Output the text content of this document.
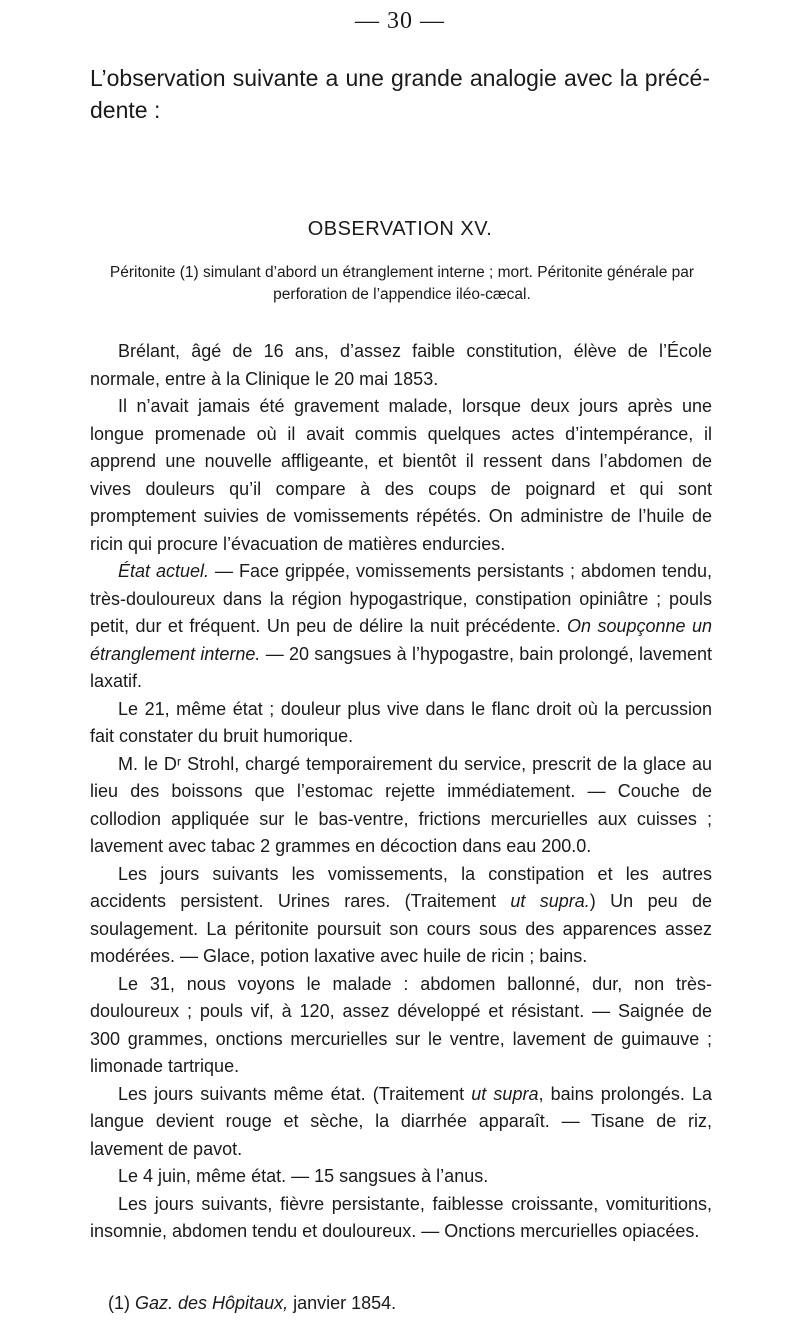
— 30 —
L’observation suivante a une grande analogie avec la précé-dente :
OBSERVATION XV.
Péritonite (1) simulant d’abord un étranglement interne ; mort. Péritonite générale par perforation de l’appendice iléo-cæcal.

Brélant, âgé de 16 ans, d’assez faible constitution, élève de l’École normale, entre à la Clinique le 20 mai 1853.

Il n’avait jamais été gravement malade, lorsque deux jours après une longue promenade où il avait commis quelques actes d’intempérance, il apprend une nouvelle affligeante, et bientôt il ressent dans l’abdomen de vives douleurs qu’il compare à des coups de poignard et qui sont promptement suivies de vomissements répétés. On administre de l’huile de ricin qui procure l’évacuation de matières endurcies.

État actuel. — Face grippée, vomissements persistants ; abdomen tendu, très-douloureux dans la région hypogastrique, constipation opiniâtre ; pouls petit, dur et fréquent. Un peu de délire la nuit précédente. On soupçonne un étranglement interne. — 20 sangsues à l’hypogastre, bain prolongé, lavement laxatif.

Le 21, même état ; douleur plus vive dans le flanc droit où la percussion fait constater du bruit humorique.

M. le Dʳ Strohl, chargé temporairement du service, prescrit de la glace au lieu des boissons que l’estomac rejette immédiatement. — Couche de collodion appliquée sur le bas-ventre, frictions mercurielles aux cuisses ; lavement avec tabac 2 grammes en décoction dans eau 200.0.

Les jours suivants les vomissements, la constipation et les autres accidents persistent. Urines rares. (Traitement ut supra.) Un peu de soulagement. La péritonite poursuit son cours sous des apparences assez modérées. — Glace, potion laxative avec huile de ricin ; bains.

Le 31, nous voyons le malade : abdomen ballonné, dur, non très-douloureux ; pouls vif, à 120, assez développé et résistant. — Saignée de 300 grammes, onctions mercurielles sur le ventre, lavement de guimauve ; limonade tartrique.

Les jours suivants même état. (Traitement ut supra, bains prolongés. La langue devient rouge et sèche, la diarrhée apparaît. — Tisane de riz, lavement de pavot.

Le 4 juin, même état. — 15 sangsues à l’anus.

Les jours suivants, fièvre persistante, faiblesse croissante, vomituritions, insomnie, abdomen tendu et douloureux. — Onctions mercurielles opiacées.

(1) Gaz. des Hôpitaux, janvier 1854.
